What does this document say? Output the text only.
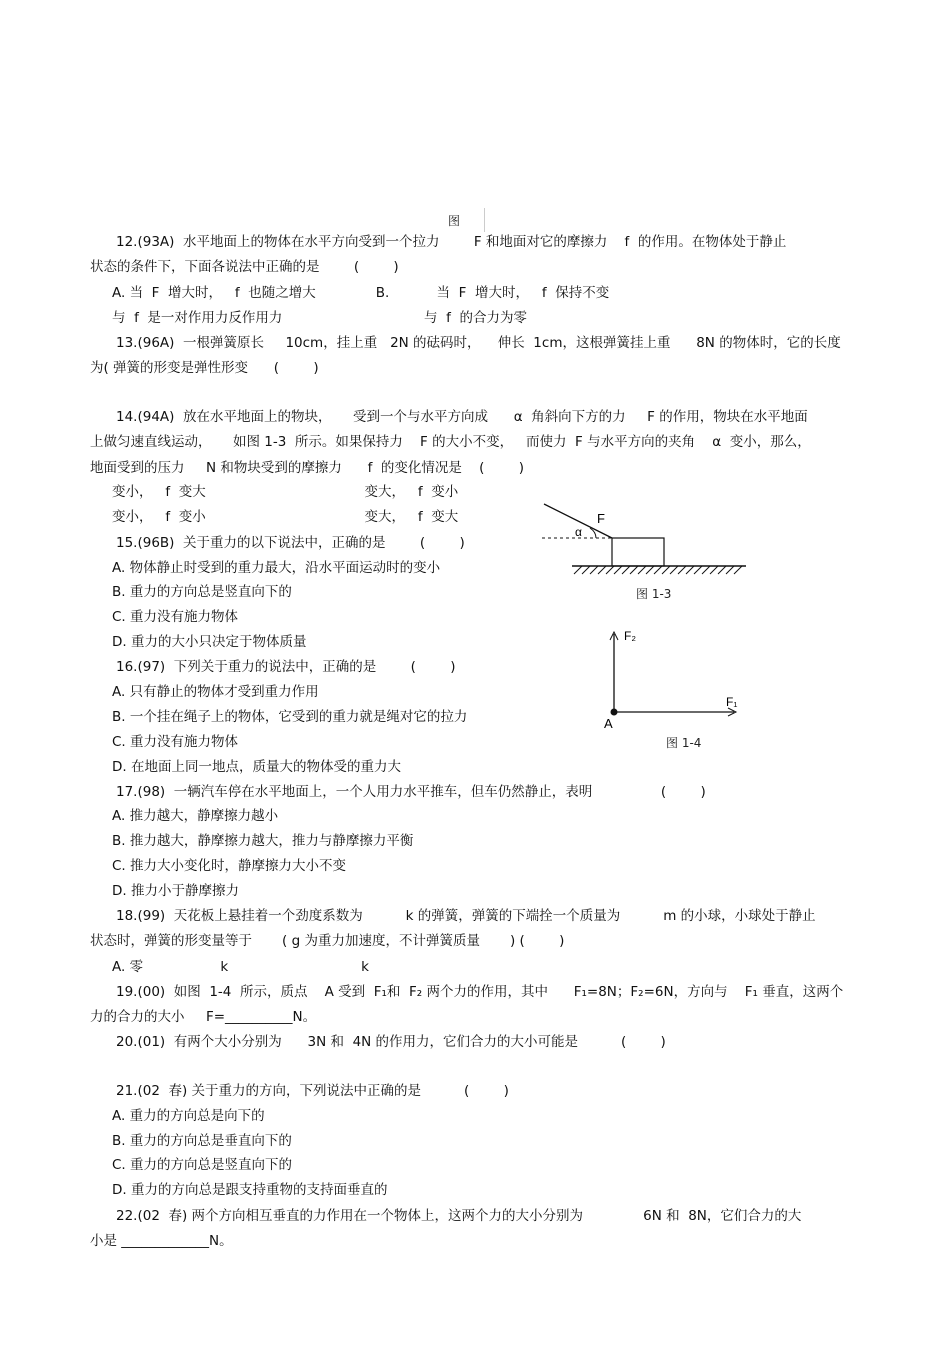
图
12.(93A)  水平地面上的物体在水平方向受到一个拉力        F 和地面对它的摩擦力    f  的作用。在物体处于静止
状态的条件下，下面各说法中正确的是        (        )
A. 当  F  增大时，   f  也随之增大              B.           当  F  增大时，   f  保持不变
与  f  是一对作用力反作用力                                 与  f  的合力为零
13.(96A)  一根弹簧原长     10cm，挂上重   2N 的砝码时，    伸长  1cm，这根弹簧挂上重      8N 的物体时，它的长度
为( 弹簧的形变是弹性形变      (        )
14.(94A)  放在水平地面上的物块，     受到一个与水平方向成      α  角斜向下方的力     F 的作用，物块在水平地面
上做匀速直线运动，     如图 1-3  所示。如果保持力    F 的大小不变，   而使力  F 与水平方向的夹角    α  变小，那么，
地面受到的压力     N 和物块受到的摩擦力      f  的变化情况是    (        )
变小，   f  变大                                     变大，   f  变小
变小，   f  变小                                     变大，   f  变大
15.(96B)  关于重力的以下说法中，正确的是        (        )
A. 物体静止时受到的重力最大，沿水平面运动时的变小
B. 重力的方向总是竖直向下的
C. 重力没有施力物体
D. 重力的大小只决定于物体质量
16.(97)  下列关于重力的说法中，正确的是        (        )
A. 只有静止的物体才受到重力作用
B. 一个挂在绳子上的物体，它受到的重力就是绳对它的拉力
C. 重力没有施力物体
D. 在地面上同一地点，质量大的物体受的重力大
17.(98)  一辆汽车停在水平地面上，一个人用力水平推车，但车仍然静止，表明                (        )
A. 推力越大，静摩擦力越小
B. 推力越大，静摩擦力越大，推力与静摩擦力平衡
C. 推力大小变化时，静摩擦力大小不变
D. 推力小于静摩擦力
18.(99)  天花板上悬挂着一个劲度系数为          k 的弹簧，弹簧的下端拴一个质量为          m 的小球，小球处于静止
状态时，弹簧的形变量等于       ( g 为重力加速度，不计弹簧质量       ) (        )
A. 零                  k                               k
19.(00)  如图  1-4  所示，质点    A 受到  F₁和  F₂ 两个力的作用，其中      F₁=8N；F₂=6N，方向与    F₁ 垂直，这两个
力的合力的大小     F=__________N。
20.(01)  有两个大小分别为      3N 和  4N 的作用力，它们合力的大小可能是          (        )
21.(02  春) 关于重力的方向，下列说法中正确的是          (        )
A. 重力的方向总是向下的
B. 重力的方向总是垂直向下的
C. 重力的方向总是竖直向下的
D. 重力的方向总是跟支持重物的支持面垂直的
22.(02  春) 两个方向相互垂直的力作用在一个物体上，这两个力的大小分别为              6N 和  8N，它们合力的大
小是 _____________N。
α
F
图 1-3
F₂
F₁
A
图 1-4
